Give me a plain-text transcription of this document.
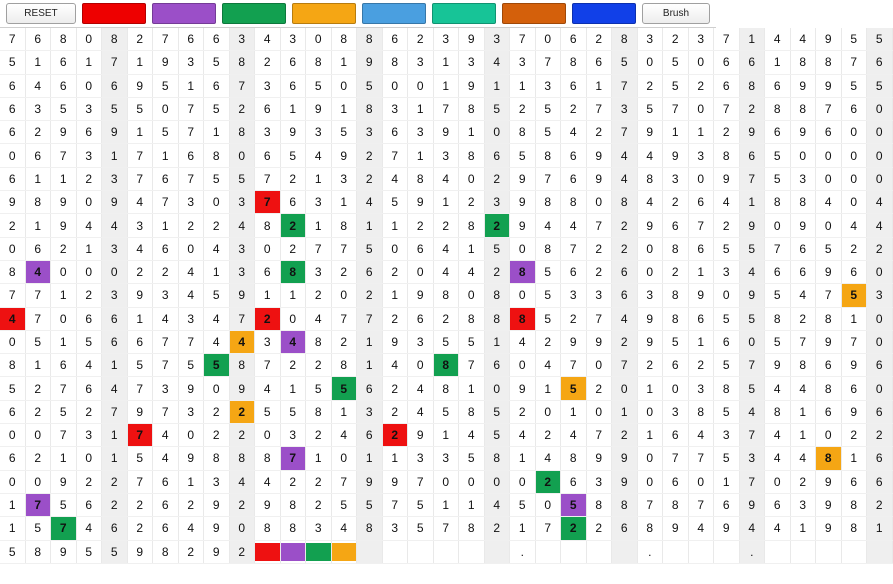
RESET	Brush
7	6	8	0	8	2	7	6	6	3	4	3	0	8	8	6	2	3	9	3	7	0	6	2	8	3	2	3	7	1	4	4	9	5	5
5	1	6	1	7	1	9	3	5	8	2	6	8	1	9	8	3	1	3	4	3	7	8	6	5	0	5	0	6	6	1	8	8	7	6
6	4	6	0	6	9	5	1	6	7	3	6	5	0	5	0	0	1	9	1	1	3	6	1	7	2	5	2	6	8	6	9	9	5	5
6	3	5	3	5	5	0	7	5	2	6	1	9	1	8	3	1	7	8	5	2	5	2	7	3	5	7	0	7	2	8	8	7	6	0
6	2	9	6	9	1	5	7	1	8	3	9	3	5	3	6	3	9	1	0	8	5	4	2	7	9	1	1	2	9	6	9	6	0	0
0	6	7	3	1	7	1	6	8	0	6	5	4	9	2	7	1	3	8	6	5	8	6	9	4	4	9	3	8	6	5	0	0	0	0
6	1	1	2	3	7	6	7	5	5	7	2	1	3	2	4	8	4	0	2	9	7	6	9	4	8	3	0	9	7	5	3	0	0	0
9	8	9	0	9	4	7	3	0	3	7	6	3	1	4	5	9	1	2	3	9	8	8	0	8	4	2	6	4	1	8	8	4	0	4
2	1	9	4	4	3	1	2	2	4	8	2	1	8	1	1	2	2	8	2	9	4	4	7	2	9	6	7	2	9	0	9	0	4	4
0	6	2	1	3	4	6	0	4	3	0	2	7	7	5	0	6	4	1	5	0	8	7	2	2	0	8	6	5	5	7	6	5	2	2
8	4	0	0	0	2	2	4	1	3	6	8	3	2	6	2	0	4	4	2	8	5	6	2	6	0	2	1	3	4	6	6	9	6	0
7	7	1	2	3	9	3	4	5	9	1	1	2	0	2	1	9	8	0	8	0	5	3	3	6	3	8	9	0	9	5	4	7	5	3
4	7	0	6	6	1	4	3	4	7	2	0	4	7	7	2	6	2	8	8	8	5	2	7	4	9	8	6	5	5	8	2	8	1	0
0	5	1	5	6	6	7	7	4	4	3	4	8	2	1	9	3	5	5	1	4	2	9	9	2	9	5	1	6	0	5	7	9	7	0
8	1	6	4	1	5	7	5	5	8	7	2	2	8	1	4	0	8	7	6	0	4	7	0	7	2	6	2	5	7	9	8	6	9	6
5	2	7	6	4	7	3	9	0	9	4	1	5	5	6	2	4	8	1	0	9	1	5	2	0	1	0	3	8	5	4	4	8	6	0
6	2	5	2	7	9	7	3	2	2	5	5	8	1	3	2	4	5	8	5	2	0	1	0	1	0	3	8	5	4	8	1	6	9	6
0	0	7	3	1	7	4	0	2	2	0	3	2	4	6	2	9	1	4	5	4	2	4	7	2	1	6	4	3	7	4	1	0	2	2
6	2	1	0	1	5	4	9	8	8	8	7	1	0	1	1	3	3	5	8	1	4	8	9	9	0	7	7	5	3	4	4	8	1	6
0	0	9	2	2	7	6	1	3	4	4	2	2	7	9	9	7	0	0	0	0	2	6	3	9	0	6	0	1	7	0	2	9	6	6
1	7	5	6	2	2	6	2	9	2	9	8	2	5	5	7	5	1	1	4	5	0	5	8	8	7	8	7	6	9	6	3	9	8	2
1	5	7	4	6	2	6	4	9	0	8	8	3	4	8	3	5	7	8	2	1	7	2	2	6	8	9	4	9	4	4	1	9	8	1
5	8	9	5	5	9	8	2	9	2											.					.				.					
